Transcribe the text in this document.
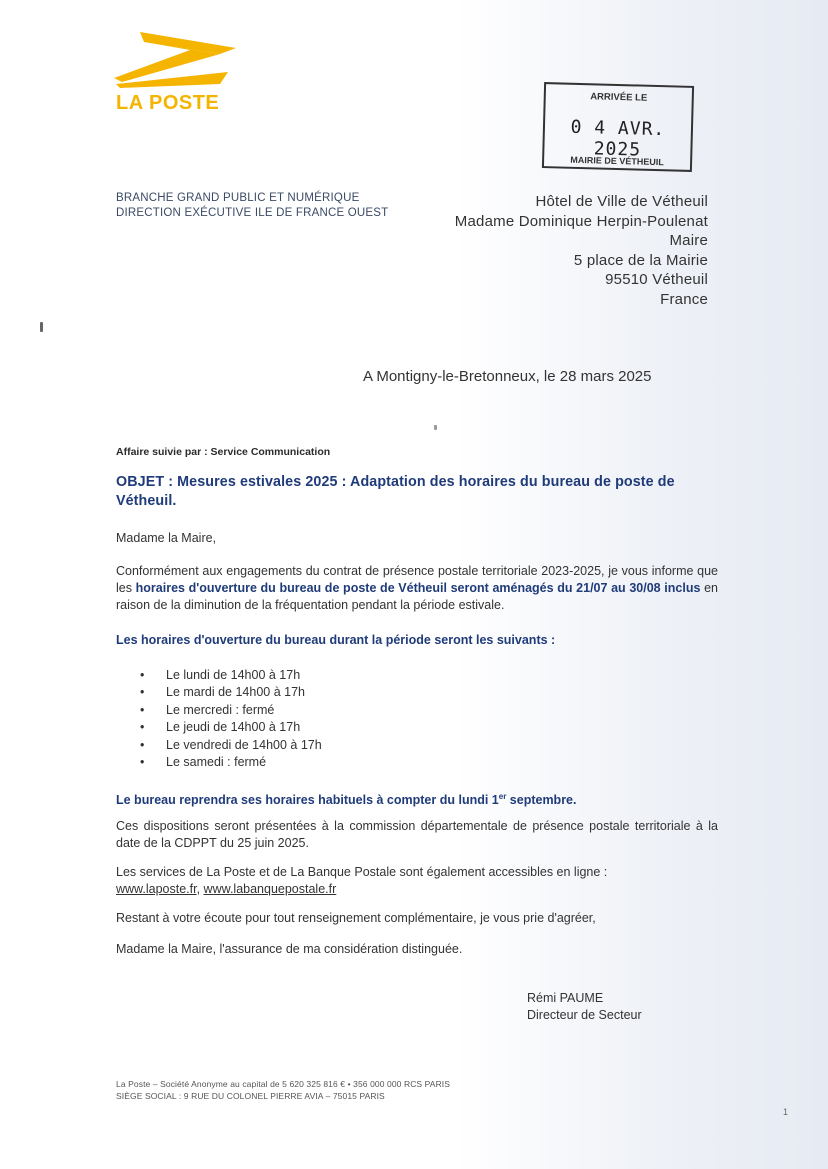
LA POSTE
BRANCHE GRAND PUBLIC ET NUMÉRIQUE
DIRECTION EXÉCUTIVE ILE DE FRANCE OUEST
ARRIVÉE LE
0 4 AVR. 2025
MAIRIE DE VÉTHEUIL
Hôtel de Ville de Vétheuil
Madame Dominique Herpin-Poulenat
Maire
5 place de la Mairie
95510 Vétheuil
France
A Montigny-le-Bretonneux, le 28 mars 2025
Affaire suivie par : Service Communication
OBJET : Mesures estivales 2025 : Adaptation des horaires du bureau de poste de Vétheuil.
Madame la Maire,
Conformément aux engagements du contrat de présence postale territoriale 2023-2025, je vous informe que les horaires d'ouverture du bureau de poste de Vétheuil seront aménagés du 21/07 au 30/08 inclus en raison de la diminution de la fréquentation pendant la période estivale.
Les horaires d'ouverture du bureau durant la période seront les suivants :
• Le lundi de 14h00 à 17h
• Le mardi de 14h00 à 17h
• Le mercredi : fermé
• Le jeudi de 14h00 à 17h
• Le vendredi de 14h00 à 17h
• Le samedi : fermé
Le bureau reprendra ses horaires habituels à compter du lundi 1er septembre.
Ces dispositions seront présentées à la commission départementale de présence postale territoriale à la date de la CDPPT du 25 juin 2025.
Les services de La Poste et de La Banque Postale sont également accessibles en ligne :
www.laposte.fr, www.labanquepostale.fr
Restant à votre écoute pour tout renseignement complémentaire, je vous prie d'agréer,
Madame la Maire, l'assurance de ma considération distinguée.
Rémi PAUME
Directeur de Secteur
La Poste – Société Anonyme au capital de 5 620 325 816 € • 356 000 000 RCS PARIS
SIÈGE SOCIAL : 9 RUE DU COLONEL PIERRE AVIA – 75015 PARIS
1
